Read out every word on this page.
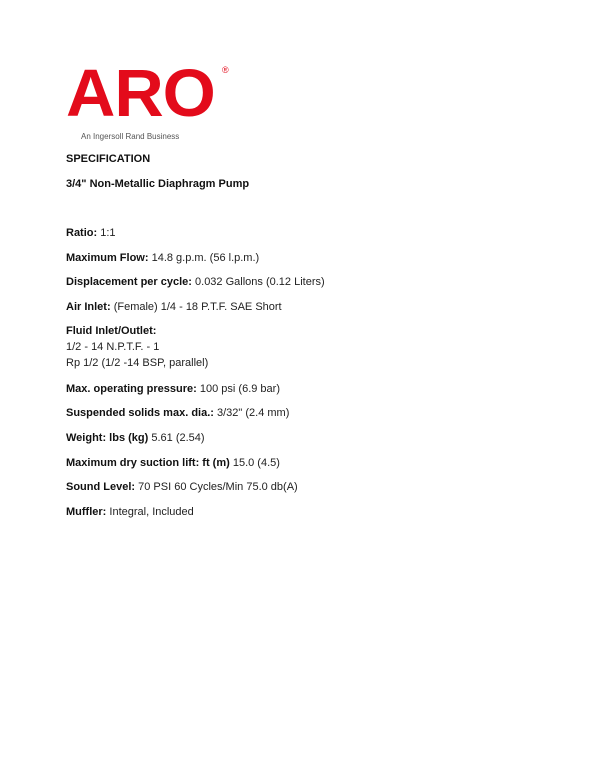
ARO ®
An Ingersoll Rand Business
SPECIFICATION
3/4" Non-Metallic Diaphragm Pump
Ratio: 1:1
Maximum Flow: 14.8 g.p.m. (56 l.p.m.)
Displacement per cycle: 0.032 Gallons (0.12 Liters)
Air Inlet: (Female) 1/4 - 18 P.T.F. SAE Short
Fluid Inlet/Outlet:
1/2 - 14 N.P.T.F. - 1
Rp 1/2 (1/2 -14 BSP, parallel)
Max. operating pressure: 100 psi (6.9 bar)
Suspended solids max. dia.: 3/32" (2.4 mm)
Weight: lbs (kg) 5.61 (2.54)
Maximum dry suction lift: ft (m) 15.0 (4.5)
Sound Level: 70 PSI 60 Cycles/Min 75.0 db(A)
Muffler: Integral, Included
